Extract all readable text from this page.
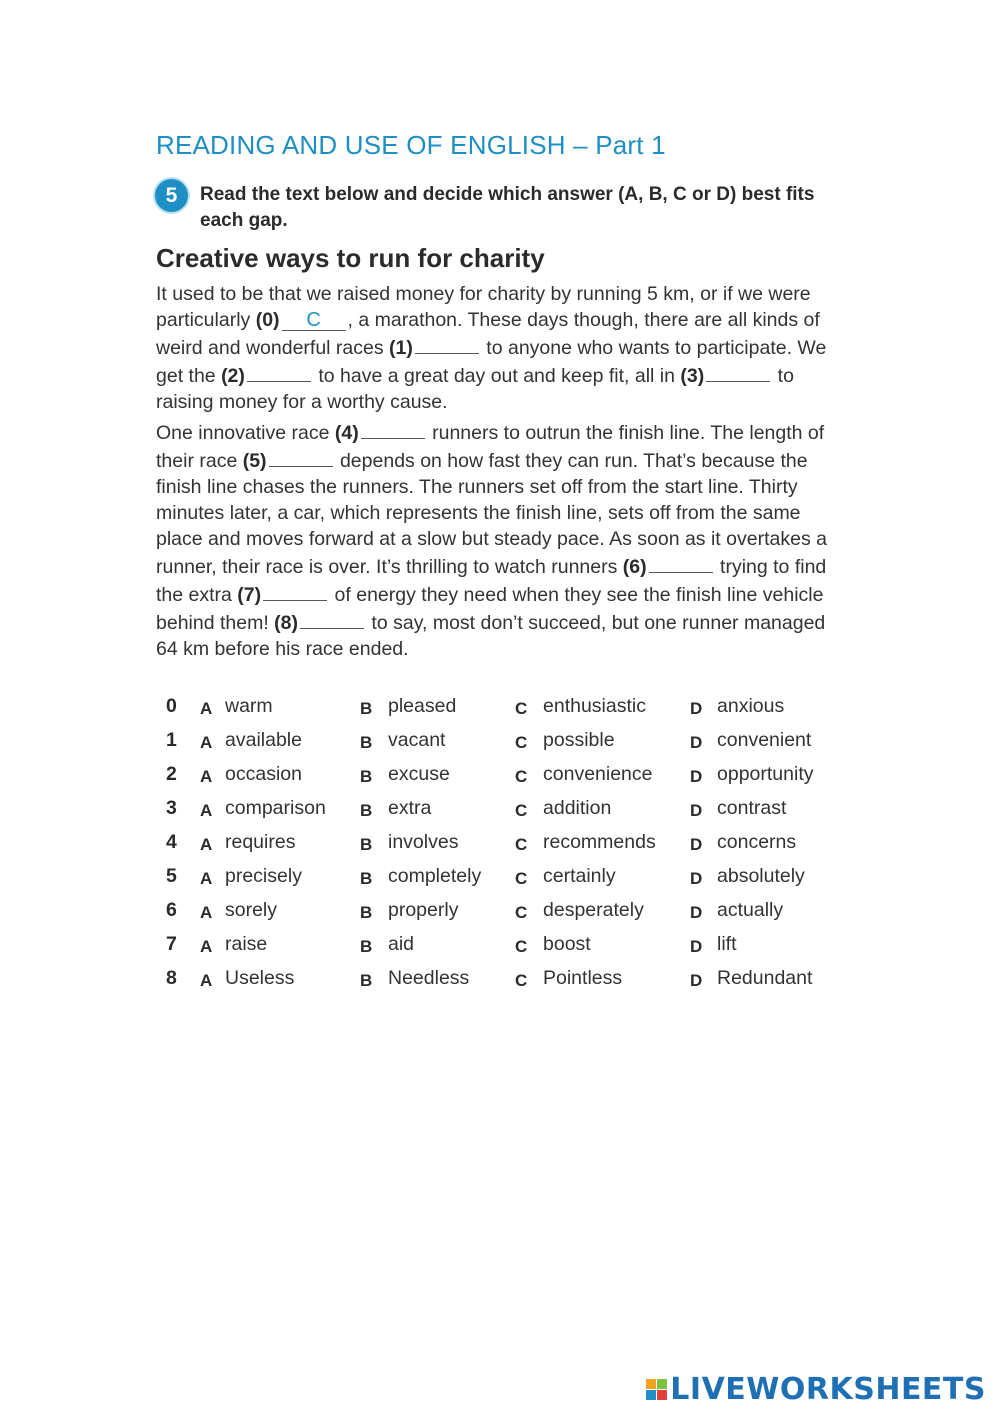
READING AND USE OF ENGLISH – Part 1
5	Read the text below and decide which answer (A, B, C or D) best fits each gap.

Creative ways to run for charity

It used to be that we raised money for charity by running 5 km, or if we were particularly (0) C , a marathon. These days though, there are all kinds of weird and wonderful races (1)	to anyone who wants to participate. We get the (2)	to have a great day out and keep fit, all in (3)	to raising money for a worthy cause.

One innovative race (4)	runners to outrun the finish line. The length of their race (5)	depends on how fast they can run. That’s because the finish line chases the runners. The runners set off from the start line. Thirty minutes later, a car, which represents the finish line, sets off from the same place and moves forward at a slow but steady pace. As soon as it overtakes a runner, their race is over. It’s thrilling to watch runners (6)	trying to find the extra (7)	of energy they need when they see the finish line vehicle behind them! (8)	to say, most don’t succeed, but one runner managed 64 km before his race ended.

0 A warm	B pleased	C enthusiastic	D anxious
1 A available	B vacant	C possible	D convenient
2 A occasion	B excuse	C convenience D opportunity
3 A comparison B extra	C addition	D contrast
4 A requires	B involves	C recommends D concerns
5 A precisely	B completely C certainly	D absolutely
6 A sorely	B properly	C desperately	D actually
7 A raise	B aid	C boost	D lift
8 A Useless	B Needless	C Pointless	D Redundant
LIVEWORKSHEETS
